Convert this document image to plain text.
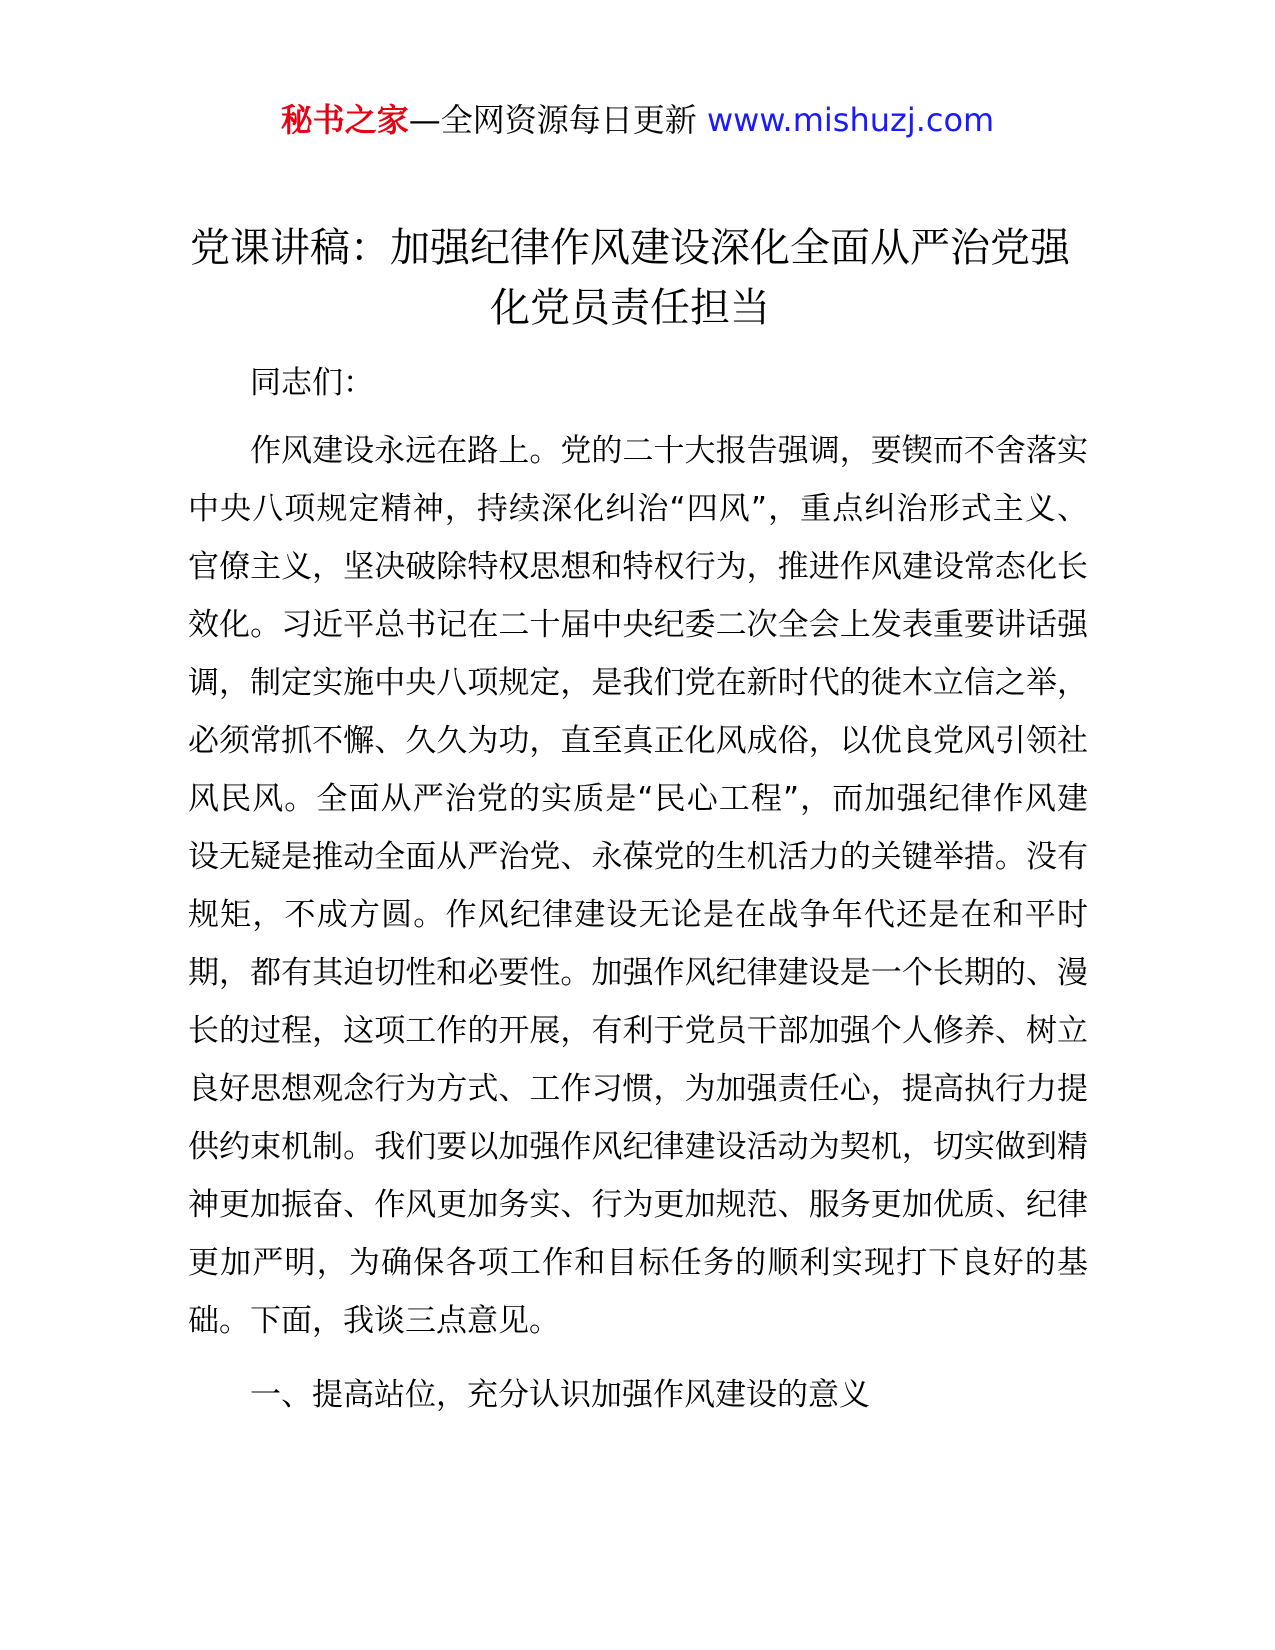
秘书之家—全网资源每日更新 www.mishuzj.com
党课讲稿：加强纪律作风建设深化全面从严治党强化党员责任担当

同志们：

作风建设永远在路上。党的二十大报告强调，要锲而不舍落实中央八项规定精神，持续深化纠治“四风”，重点纠治形式主义、官僚主义，坚决破除特权思想和特权行为，推进作风建设常态化长效化。习近平总书记在二十届中央纪委二次全会上发表重要讲话强调，制定实施中央八项规定，是我们党在新时代的徙木立信之举，必须常抓不懈、久久为功，直至真正化风成俗，以优良党风引领社风民风。全面从严治党的实质是“民心工程”，而加强纪律作风建设无疑是推动全面从严治党、永葆党的生机活力的关键举措。没有规矩，不成方圆。作风纪律建设无论是在战争年代还是在和平时期，都有其迫切性和必要性。加强作风纪律建设是一个长期的、漫长的过程，这项工作的开展，有利于党员干部加强个人修养、树立良好思想观念行为方式、工作习惯，为加强责任心，提高执行力提供约束机制。我们要以加强作风纪律建设活动为契机，切实做到精神更加振奋、作风更加务实、行为更加规范、服务更加优质、纪律更加严明，为确保各项工作和目标任务的顺利实现打下良好的基础。下面，我谈三点意见。

一、提高站位，充分认识加强作风建设的意义
